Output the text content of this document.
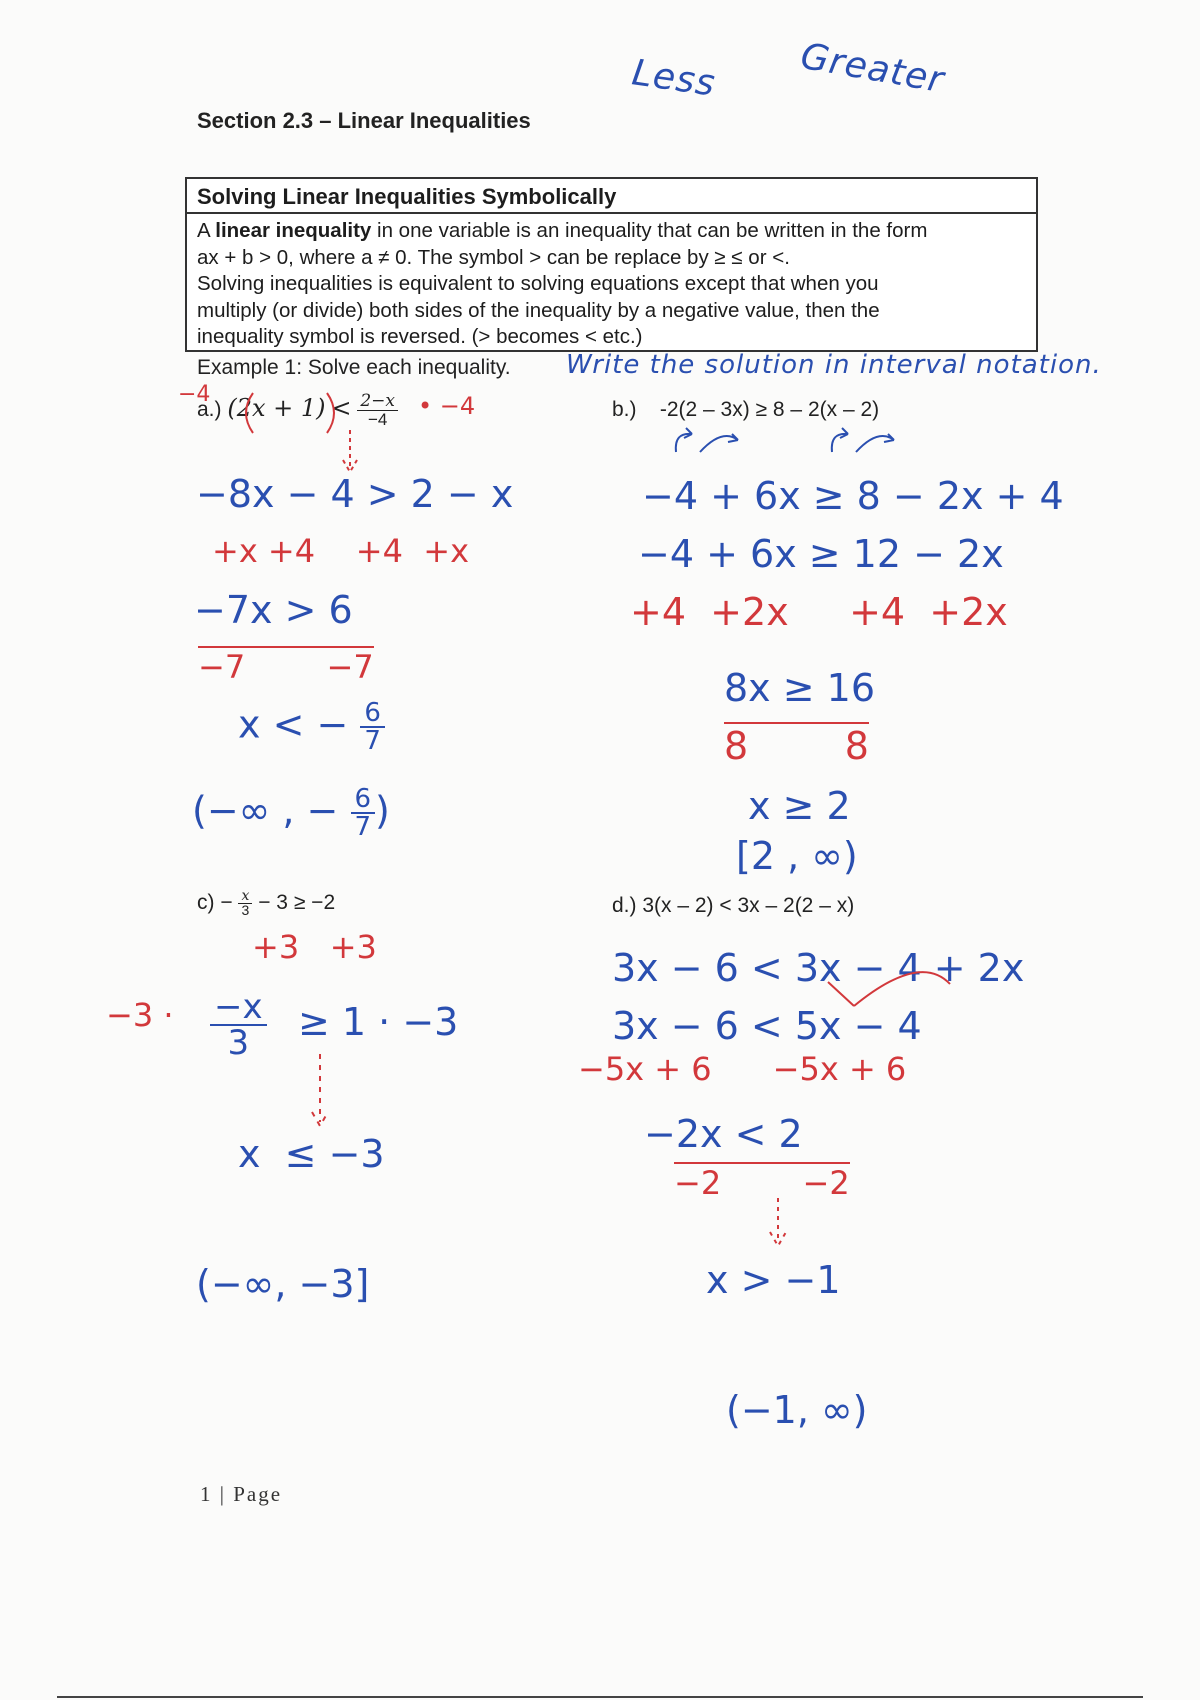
Section 2.3 – Linear Inequalities
Less Greater
Solving Linear Inequalities Symbolically
A linear inequality in one variable is an inequality that can be written in the form
ax + b > 0, where a ≠ 0. The symbol > can be replace by ≥ ≤ or <.
Solving inequalities is equivalent to solving equations except that when you
multiply (or divide) both sides of the inequality by a negative value, then the
inequality symbol is reversed. (> becomes < etc.)
Example 1: Solve each inequality. Write the solution in interval notation.
−4
a.) $(2x + 1) < \frac{2-x}{-4}$ • −4
−8x − 4 > 2 − x
+x +4    +4  +x
−7x > 6
−7        −7
x < − $\frac{6}{7}$
(−∞ , − $\frac{6}{7}$ )
b.) -2(2 – 3x) ≥ 8 – 2(x – 2)
−4 + 6x ≥ 8 − 2x + 4
−4 + 6x ≥ 12 − 2x
+4  +2x     +4  +2x
8x ≥ 16
8        8
x ≥ 2
[2 , ∞)
$c) - \frac{x}{3} - 3 \ge -2$
+3   +3
$-3 \cdot \frac{-x}{3} \ge 1 \cdot -3$
x  ≤ −3
(−∞, −3]
d.) 3(x – 2) < 3x – 2(2 – x)
3x − 6 < 3x − 4 + 2x
3x − 6 < 5x − 4
−5x + 6      −5x + 6
−2x < 2
−2        −2
x > −1
(−1, ∞)
1 | Page
